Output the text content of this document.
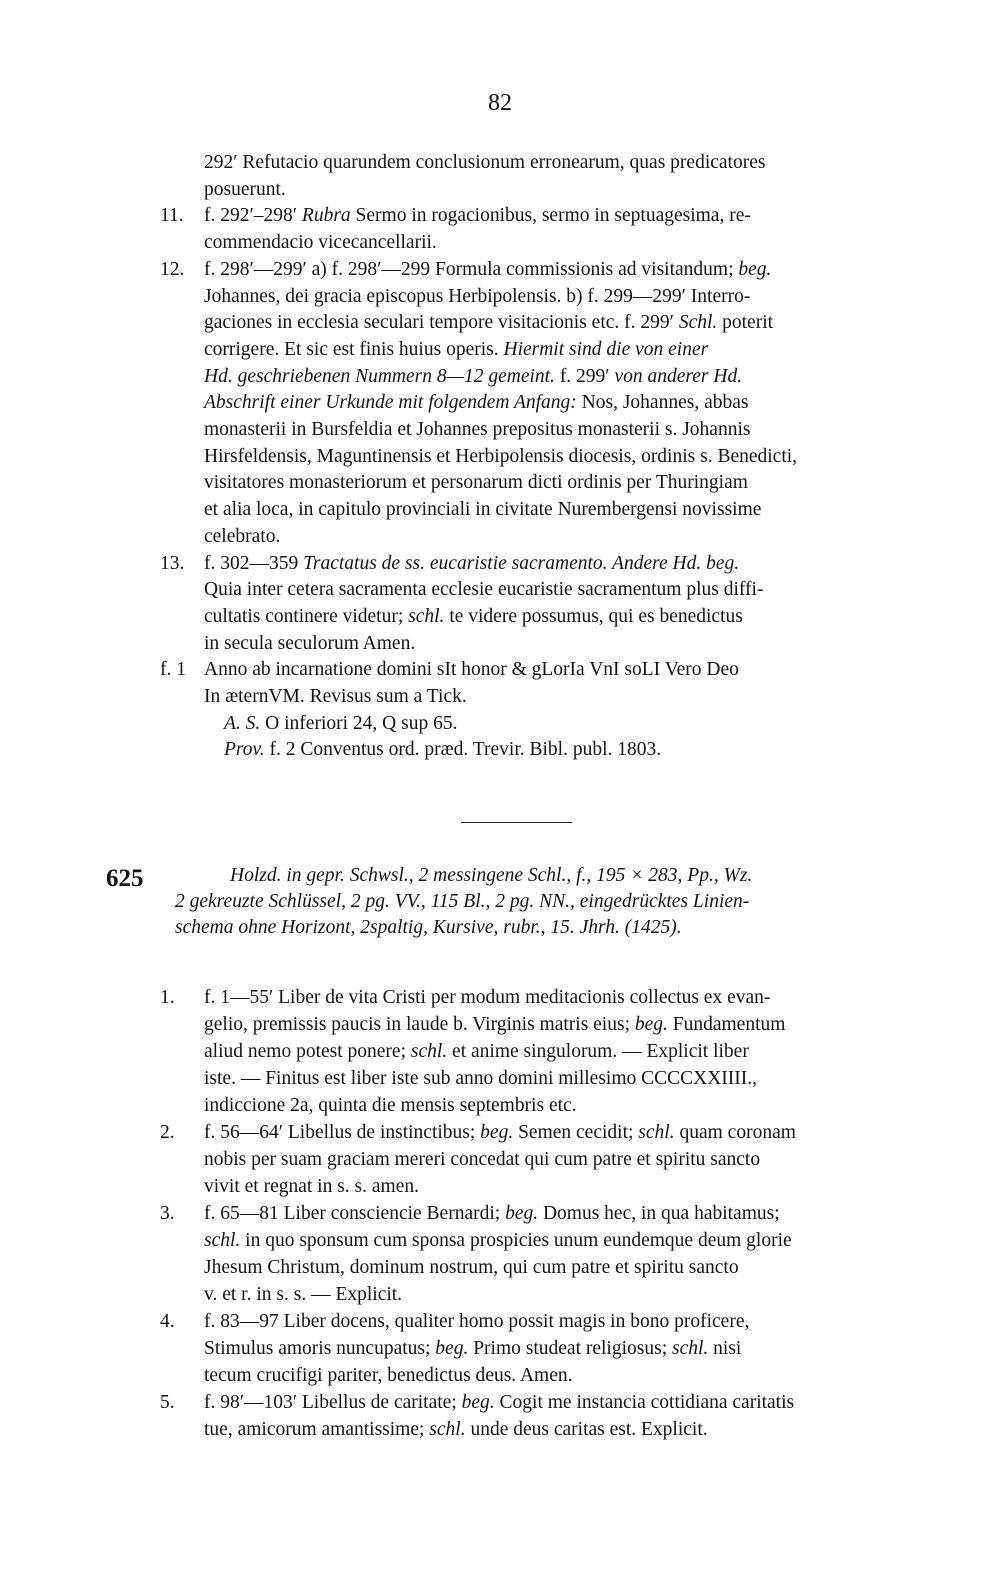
82
292′ Refutacio quarundem conclusionum erronearum, quas predicatores
posuerunt.
11. f. 292′–298′ Rubra Sermo in rogacionibus, sermo in septuagesima, re-
commendacio vicecancellarii.
12. f. 298′—299′ a) f. 298′—299 Formula commissionis ad visitandum; beg.
Johannes, dei gracia episcopus Herbipolensis. b) f. 299—299′ Interro-
gaciones in ecclesia seculari tempore visitacionis etc. f. 299′ Schl. poterit
corrigere. Et sic est finis huius operis. Hiermit sind die von einer
Hd. geschriebenen Nummern 8—12 gemeint. f. 299′ von anderer Hd.
Abschrift einer Urkunde mit folgendem Anfang: Nos, Johannes, abbas
monasterii in Bursfeldia et Johannes prepositus monasterii s. Johannis
Hirsfeldensis, Maguntinensis et Herbipolensis diocesis, ordinis s. Benedicti,
visitatores monasteriorum et personarum dicti ordinis per Thuringiam
et alia loca, in capitulo provinciali in civitate Nurembergensi novissime
celebrato.
13. f. 302—359 Tractatus de ss. eucaristie sacramento. Andere Hd. beg.
Quia inter cetera sacramenta ecclesie eucaristie sacramentum plus diffi-
cultatis continere videtur; schl. te videre possumus, qui es benedictus
in secula seculorum Amen.
f. 1 Anno ab incarnatione domini sIt honor & gLorIa VnI soLI Vero Deo
In æternVM. Revisus sum a Tick.
A. S. O inferiori 24, Q sup 65.
Prov. f. 2 Conventus ord. præd. Trevir. Bibl. publ. 1803.
625	Holzd. in gepr. Schwsl., 2 messingene Schl., f., 195 × 283, Pp., Wz.
2 gekreuzte Schlüssel, 2 pg. VV., 115 Bl., 2 pg. NN., eingedrücktes Linien-
schema ohne Horizont, 2spaltig, Kursive, rubr., 15. Jhrh. (1425).
1. f. 1—55′ Liber de vita Cristi per modum meditacionis collectus ex evan-
gelio, premissis paucis in laude b. Virginis matris eius; beg. Fundamentum
aliud nemo potest ponere; schl. et anime singulorum. — Explicit liber
iste. — Finitus est liber iste sub anno domini millesimo CCCCXXIIII.,
indiccione 2a, quinta die mensis septembris etc.
2. f. 56—64′ Libellus de instinctibus; beg. Semen cecidit; schl. quam coronam
nobis per suam graciam mereri concedat qui cum patre et spiritu sancto
vivit et regnat in s. s. amen.
3. f. 65—81 Liber consciencie Bernardi; beg. Domus hec, in qua habitamus;
schl. in quo sponsum cum sponsa prospicies unum eundemque deum glorie
Jhesum Christum, dominum nostrum, qui cum patre et spiritu sancto
v. et r. in s. s. — Explicit.
4. f. 83—97 Liber docens, qualiter homo possit magis in bono proficere,
Stimulus amoris nuncupatus; beg. Primo studeat religiosus; schl. nisi
tecum crucifigi pariter, benedictus deus. Amen.
5. f. 98′—103′ Libellus de caritate; beg. Cogit me instancia cottidiana caritatis
tue, amicorum amantissime; schl. unde deus caritas est. Explicit.
